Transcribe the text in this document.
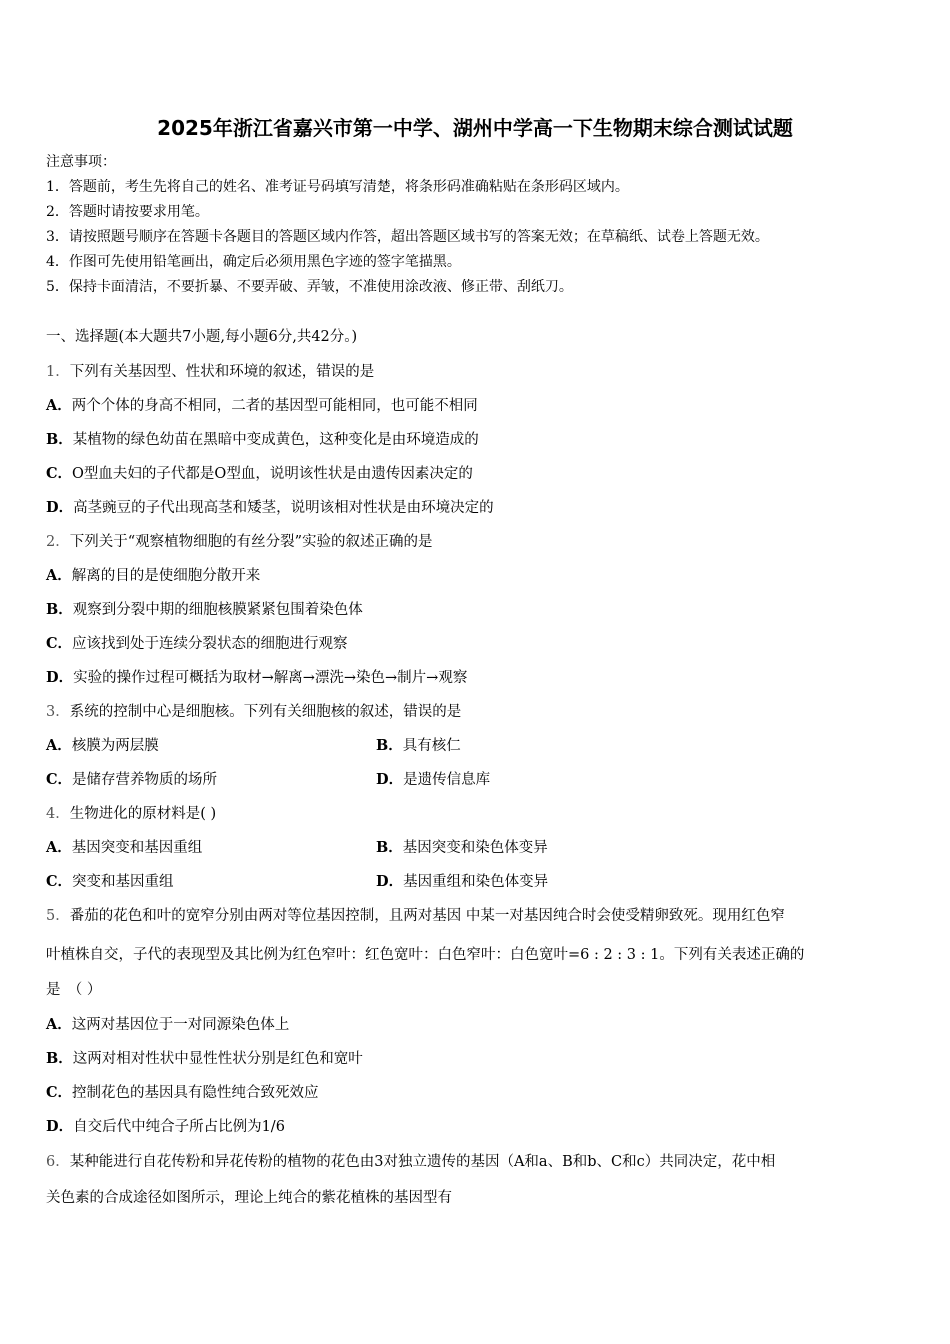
2025年浙江省嘉兴市第一中学、湖州中学高一下生物期末综合测试试题
注意事项：
1．答题前，考生先将自己的姓名、准考证号码填写清楚，将条形码准确粘贴在条形码区域内。
2．答题时请按要求用笔。
3．请按照题号顺序在答题卡各题目的答题区域内作答，超出答题区域书写的答案无效；在草稿纸、试卷上答题无效。
4．作图可先使用铅笔画出，确定后必须用黑色字迹的签字笔描黑。
5．保持卡面清洁，不要折暴、不要弄破、弄皱，不准使用涂改液、修正带、刮纸刀。
一、选择题(本大题共7小题,每小题6分,共42分。)
1．下列有关基因型、性状和环境的叙述，错误的是
A．两个个体的身高不相同，二者的基因型可能相同，也可能不相同
B．某植物的绿色幼苗在黑暗中变成黄色，这种变化是由环境造成的
C．O型血夫妇的子代都是O型血，说明该性状是由遗传因素决定的
D．高茎豌豆的子代出现高茎和矮茎，说明该相对性状是由环境决定的
2．下列关于“观察植物细胞的有丝分裂”实验的叙述正确的是
A．解离的目的是使细胞分散开来
B．观察到分裂中期的细胞核膜紧紧包围着染色体
C．应该找到处于连续分裂状态的细胞进行观察
D．实验的操作过程可概括为取材→解离→漂洗→染色→制片→观察
3．系统的控制中心是细胞核。下列有关细胞核的叙述，错误的是
A．核膜为两层膜	B．具有核仁
C．是储存营养物质的场所	D．是遗传信息库
4．生物进化的原材料是( )
A．基因突变和基因重组	B．基因突变和染色体变异
C．突变和基因重组	D．基因重组和染色体变异
5．番茄的花色和叶的宽窄分别由两对等位基因控制，且两对基因 中某一对基因纯合时会使受精卵致死。现用红色窄
叶植株自交，子代的表现型及其比例为红色窄叶：红色宽叶：白色窄叶：白色宽叶=6 : 2 : 3 : 1。下列有关表述正确的
是　（ ）
A．这两对基因位于一对同源染色体上
B．这两对相对性状中显性性状分别是红色和宽叶
C．控制花色的基因具有隐性纯合致死效应
D．自交后代中纯合子所占比例为1/6
6．某种能进行自花传粉和异花传粉的植物的花色由3对独立遗传的基因（A和a、B和b、C和c）共同决定，花中相
关色素的合成途径如图所示，理论上纯合的紫花植株的基因型有
